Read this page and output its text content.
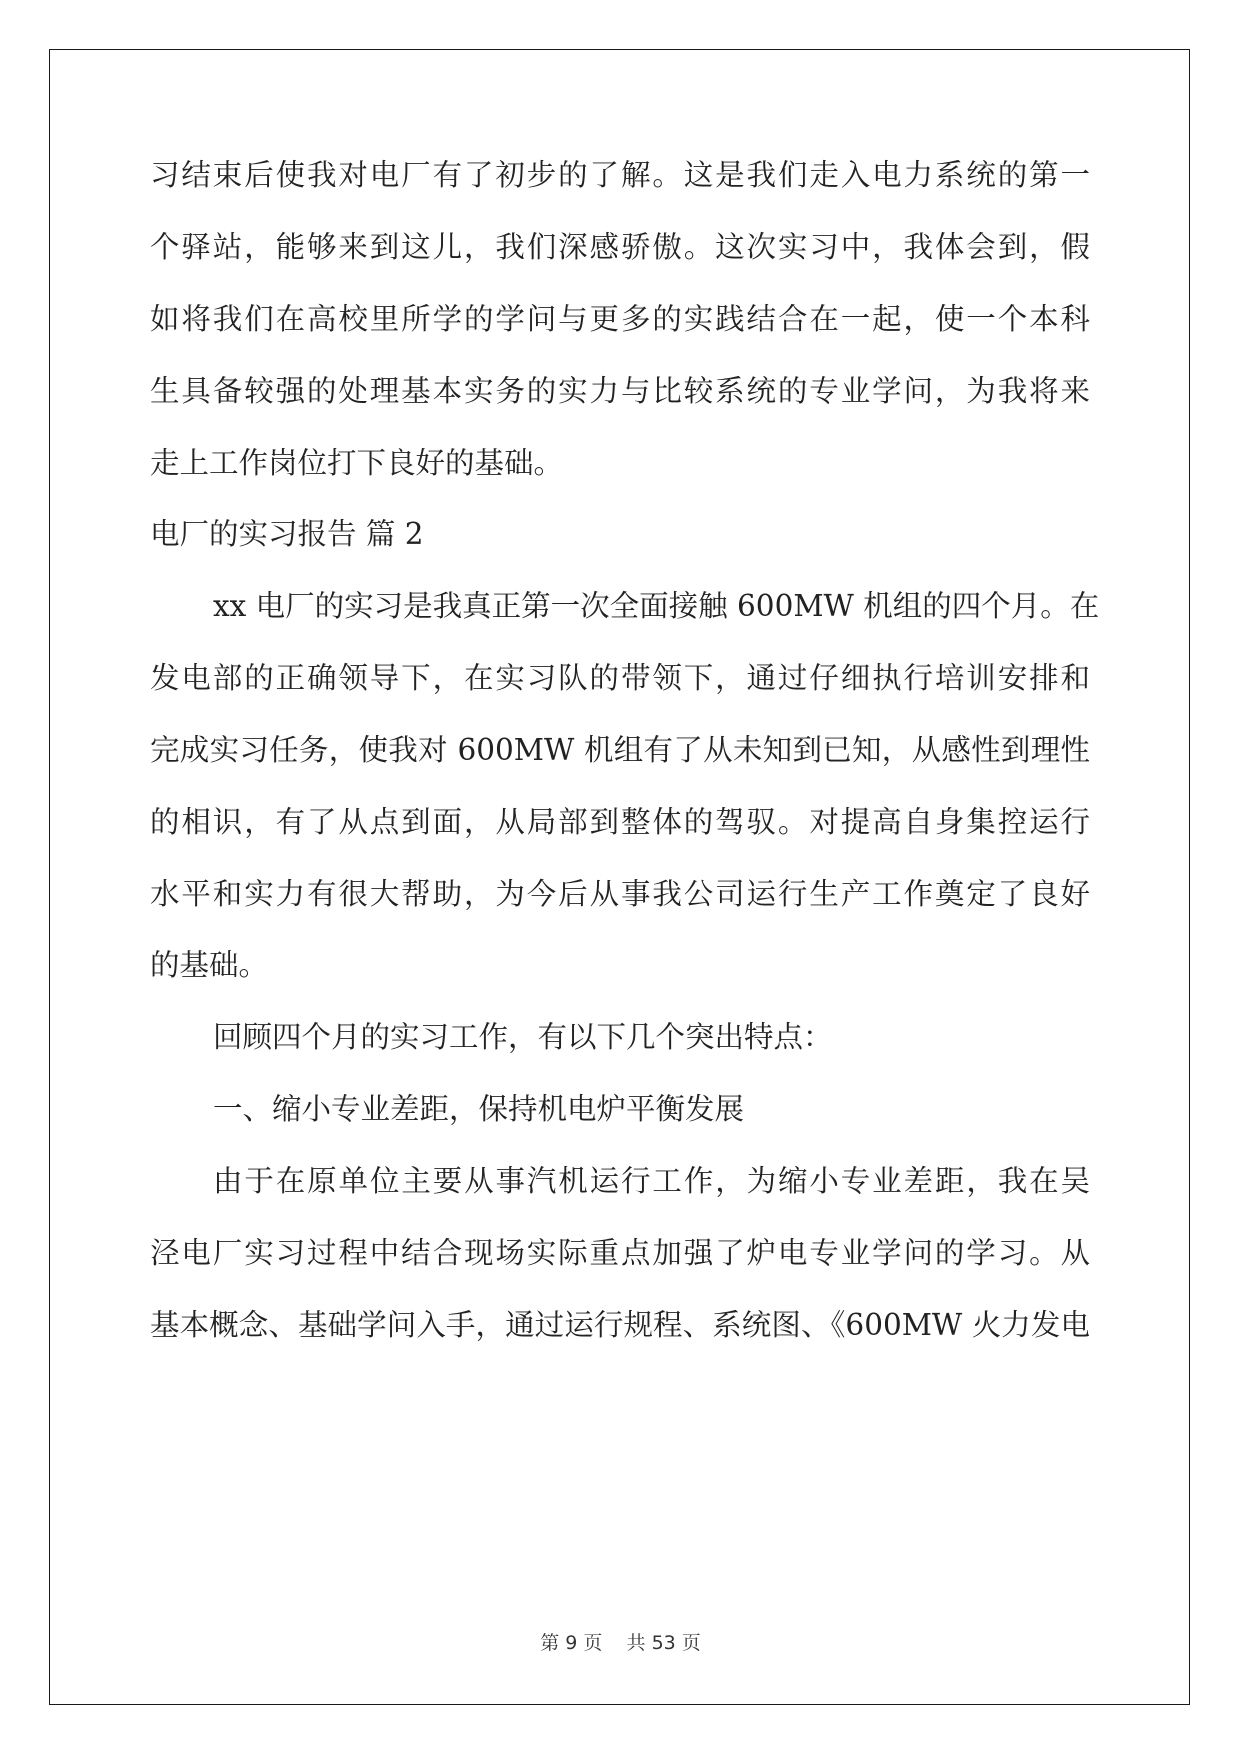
习结束后使我对电厂有了初步的了解。这是我们走入电力系统的第一
个驿站，能够来到这儿，我们深感骄傲。这次实习中，我体会到，假
如将我们在高校里所学的学问与更多的实践结合在一起，使一个本科
生具备较强的处理基本实务的实力与比较系统的专业学问，为我将来
走上工作岗位打下良好的基础。
电厂的实习报告 篇 2
xx 电厂的实习是我真正第一次全面接触 600MW 机组的四个月。在
发电部的正确领导下，在实习队的带领下，通过仔细执行培训安排和
完成实习任务，使我对 600MW 机组有了从未知到已知，从感性到理性
的相识，有了从点到面，从局部到整体的驾驭。对提高自身集控运行
水平和实力有很大帮助，为今后从事我公司运行生产工作奠定了良好
的基础。
回顾四个月的实习工作，有以下几个突出特点：
一、缩小专业差距，保持机电炉平衡发展
由于在原单位主要从事汽机运行工作，为缩小专业差距，我在吴
泾电厂实习过程中结合现场实际重点加强了炉电专业学问的学习。从
基本概念、基础学问入手，通过运行规程、系统图、《600MW 火力发电
第 9 页    共 53 页
